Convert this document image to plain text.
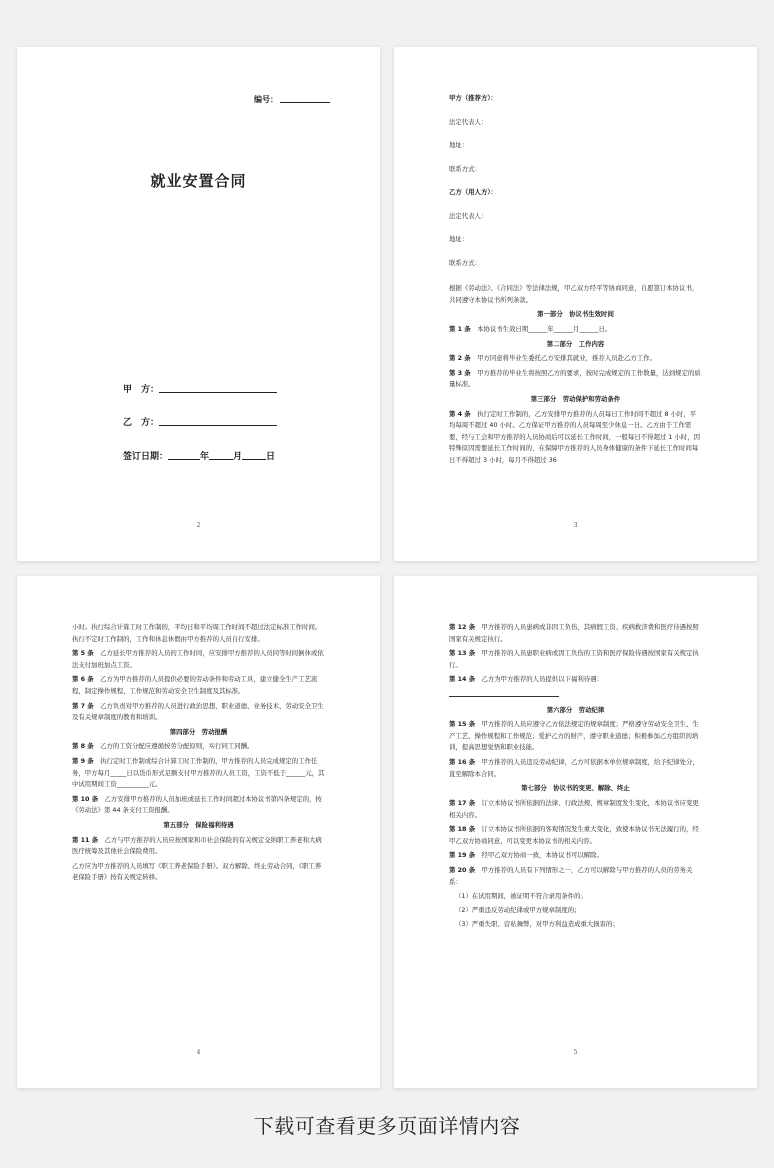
编号：
就业安置合同
甲　方：
乙　方：
签订日期：	年	月	日
2

甲方（推荐方）：

法定代表人：

地址：

联系方式：

乙方（用人方）：

法定代表人：

地址：

联系方式：

根据《劳动法》、《合同法》等法律法规，甲乙双方经平等协商同意，自愿签订本协议书，共同遵守本协议书所列条款。

第一部分　协议书生效时间

第 1 条　 本协议书生效日期______年______月______日。

第二部分　工作内容

第 2 条　 甲方同意将毕业生委托乙方安排其就业，推荐人员赴乙方工作。

第 3 条　 甲方推荐的毕业生将按照乙方的要求，按时完成规定的工作数量，达到规定的质量标准。

第三部分　劳动保护和劳动条件

第 4 条　 执行定时工作制的，乙方安排甲方推荐的人员每日工作时间不超过 8 小时，平均每周不超过 40 小时。乙方保证甲方推荐的人员每周至少休息一日。乙方由于工作需要，经与工会和甲方推荐的人员协商后可以延长工作时间，一般每日不得超过 1 小时，因特殊原因需要延长工作时间的，在保障甲方推荐的人员身体健康的条件下延长工作时间每日不得超过 3 小时，每月不得超过 36

3

小时。执行综合计算工时工作制的，平均日和平均周工作时间不超过法定标准工作时间。执行不定时工作制的，工作和休息休假由甲方推荐的人员自行安排。

第 5 条　 乙方延长甲方推荐的人员的工作时间，应安排甲方推荐的人员同等时间倒休或依法支付加班加点工资。

第 6 条　 乙方为甲方推荐的人员提供必要的劳动条件和劳动工具，建立健全生产工艺流程，制定操作规程、工作规范和劳动安全卫生制度及其标准。

第 7 条　 乙方负责对甲方推荐的人员进行政治思想、职业道德、业务技术、劳动安全卫生及有关规章制度的教育和培训。

第四部分　劳动报酬

第 8 条　 乙方的工资分配应遵循按劳分配原则，实行同工同酬。

第 9 条　 执行定时工作制或综合计算工时工作制的，甲方推荐的人员完成规定的工作任务，甲方每月_____日以货币形式足额支付甲方推荐的人员工资，工资不低于______元，其中试用期间工资__________元。

第 10 条　 乙方安排甲方推荐的人员加班或延长工作时间超过本协议书第四条规定的，按《劳动法》第 44 条支付工资报酬。

第五部分　保险福利待遇

第 11 条　 乙方与甲方推荐的人员应按国家和市社会保险的有关规定交纳职工养老和大病医疗统筹及其他社会保险费用。

乙方应为甲方推荐的人员填写《职工养老保险手册》。双方解除、终止劳动合同，《职工养老保险手册》按有关规定转移。

4

第 12 条　 甲方推荐的人员患病或非因工负伤，其病假工资、疾病救济费和医疗待遇按照国家有关规定执行。

第 13 条　 甲方推荐的人员患职业病或因工负伤的工资和医疗保险待遇按国家有关规定执行。

第 14 条　 乙方为甲方推荐的人员提供以下福利待遇：

第六部分　劳动纪律

第 15 条　 甲方推荐的人员应遵守乙方依法规定的规章制度；严格遵守劳动安全卫生、生产工艺、操作规程和工作规范；爱护乙方的财产，遵守职业道德；积极参加乙方组织的培训，提高思想觉悟和职业技能。

第 16 条　 甲方推荐的人员违反劳动纪律，乙方可依据本单位规章制度，给予纪律处分，直至解除本合同。

第七部分　协议书的变更、解除、终止

第 17 条　 订立本协议书所依据的法律、行政法规、规章制度发生变化，本协议书应变更相关内容。

第 18 条　 订立本协议书所依据的客观情况发生重大变化，致使本协议书无法履行的，经甲乙双方协商同意，可以变更本协议书的相关内容。

第 19 条　 经甲乙双方协商一致，本协议书可以解除。

第 20 条　 甲方推荐的人员有下列情形之一，乙方可以解除与甲方推荐的人员的劳务关系：

（1）在试用期间，被证明不符合录用条件的；

（2）严重违反劳动纪律或甲方规章制度的；

（3）严重失职、营私舞弊，对甲方利益造成重大损害的；

5
下载可查看更多页面详情内容
